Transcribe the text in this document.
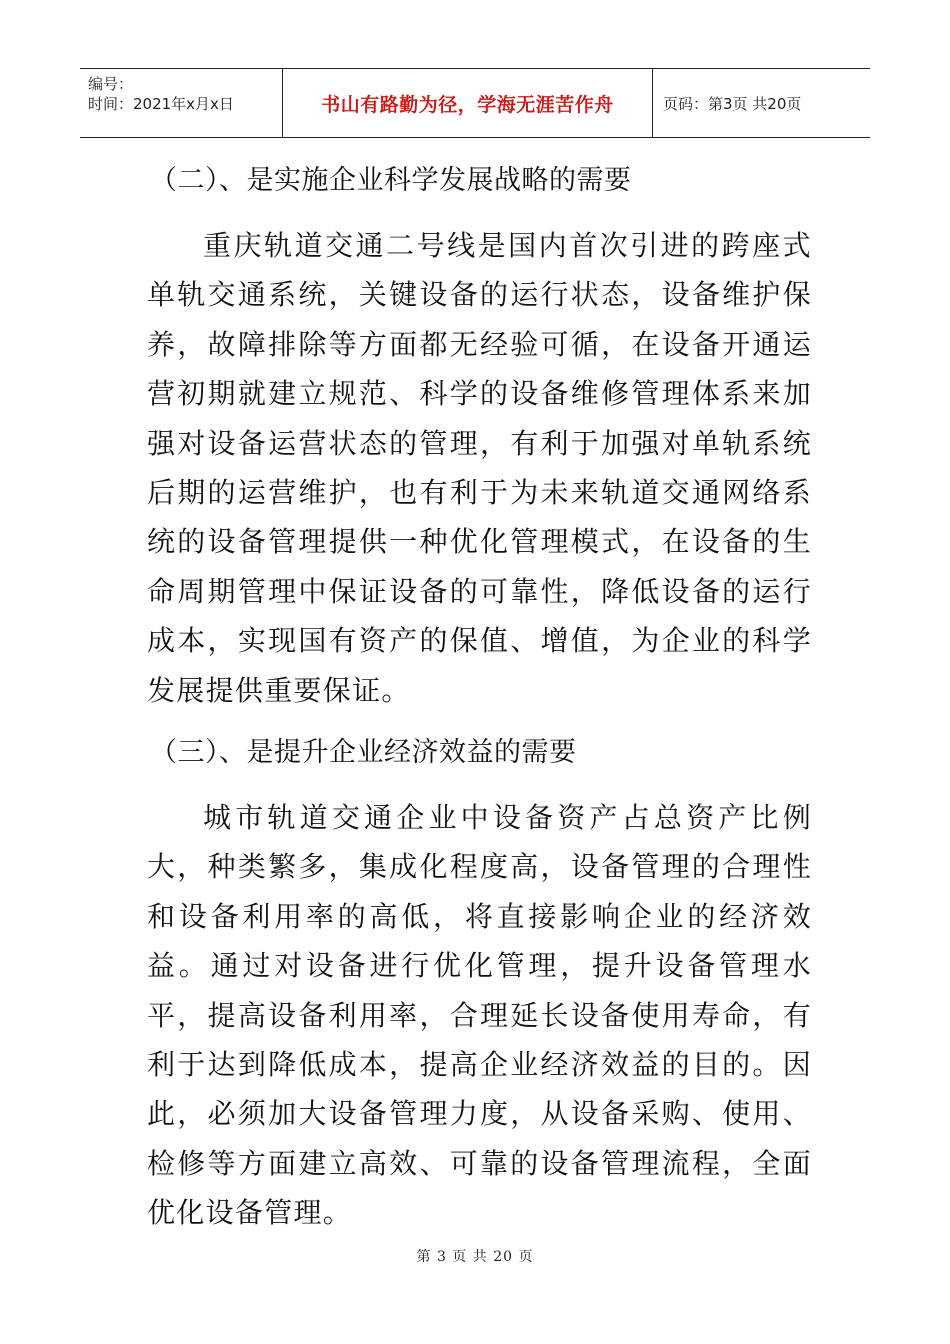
编号：
时间：2021年x月x日	书山有路勤为径，学海无涯苦作舟	页码：第3页 共20页
（二）、是实施企业科学发展战略的需要
重庆轨道交通二号线是国内首次引进的跨座式单轨交通系统，关键设备的运行状态，设备维护保养，故障排除等方面都无经验可循，在设备开通运营初期就建立规范、科学的设备维修管理体系来加强对设备运营状态的管理，有利于加强对单轨系统后期的运营维护，也有利于为未来轨道交通网络系统的设备管理提供一种优化管理模式，在设备的生命周期管理中保证设备的可靠性，降低设备的运行成本，实现国有资产的保值、增值，为企业的科学发展提供重要保证。
（三）、是提升企业经济效益的需要
城市轨道交通企业中设备资产占总资产比例大，种类繁多，集成化程度高，设备管理的合理性和设备利用率的高低，将直接影响企业的经济效益。通过对设备进行优化管理，提升设备管理水平，提高设备利用率，合理延长设备使用寿命，有利于达到降低成本，提高企业经济效益的目的。因此，必须加大设备管理力度，从设备采购、使用、检修等方面建立高效、可靠的设备管理流程，全面优化设备管理。
第 3 页 共 20 页
